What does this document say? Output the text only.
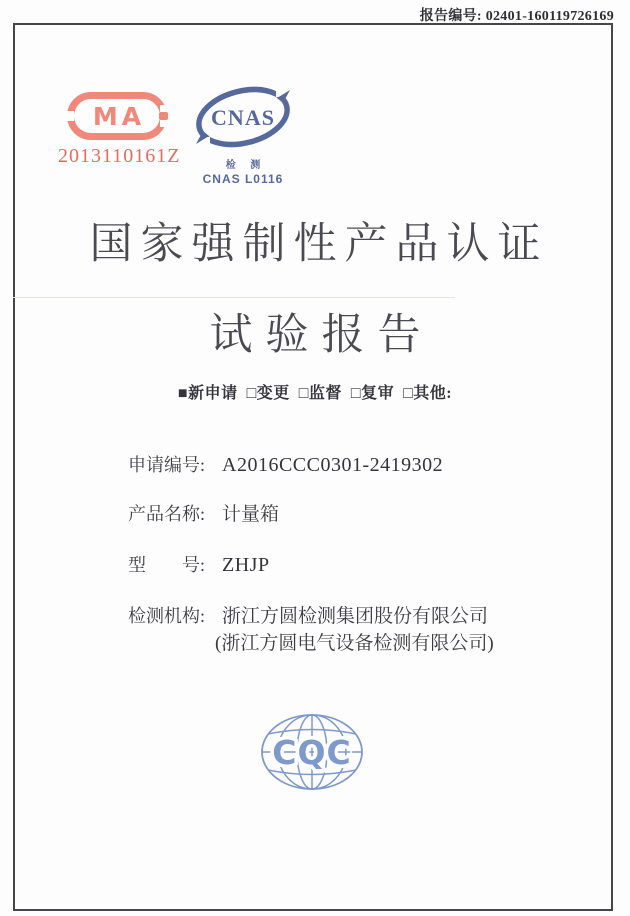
报告编号: 02401-160119726169
MA
2013110161Z
CNAS
检 测
CNAS L0116
国家强制性产品认证
试验报告
■新申请  □变更  □监督  □复审  □其他:
申请编号: A2016CCC0301-2419302
产品名称: 计量箱
型　　号: ZHJP
检测机构: 浙江方圆检测集团股份有限公司
(浙江方圆电气设备检测有限公司)
CQC
